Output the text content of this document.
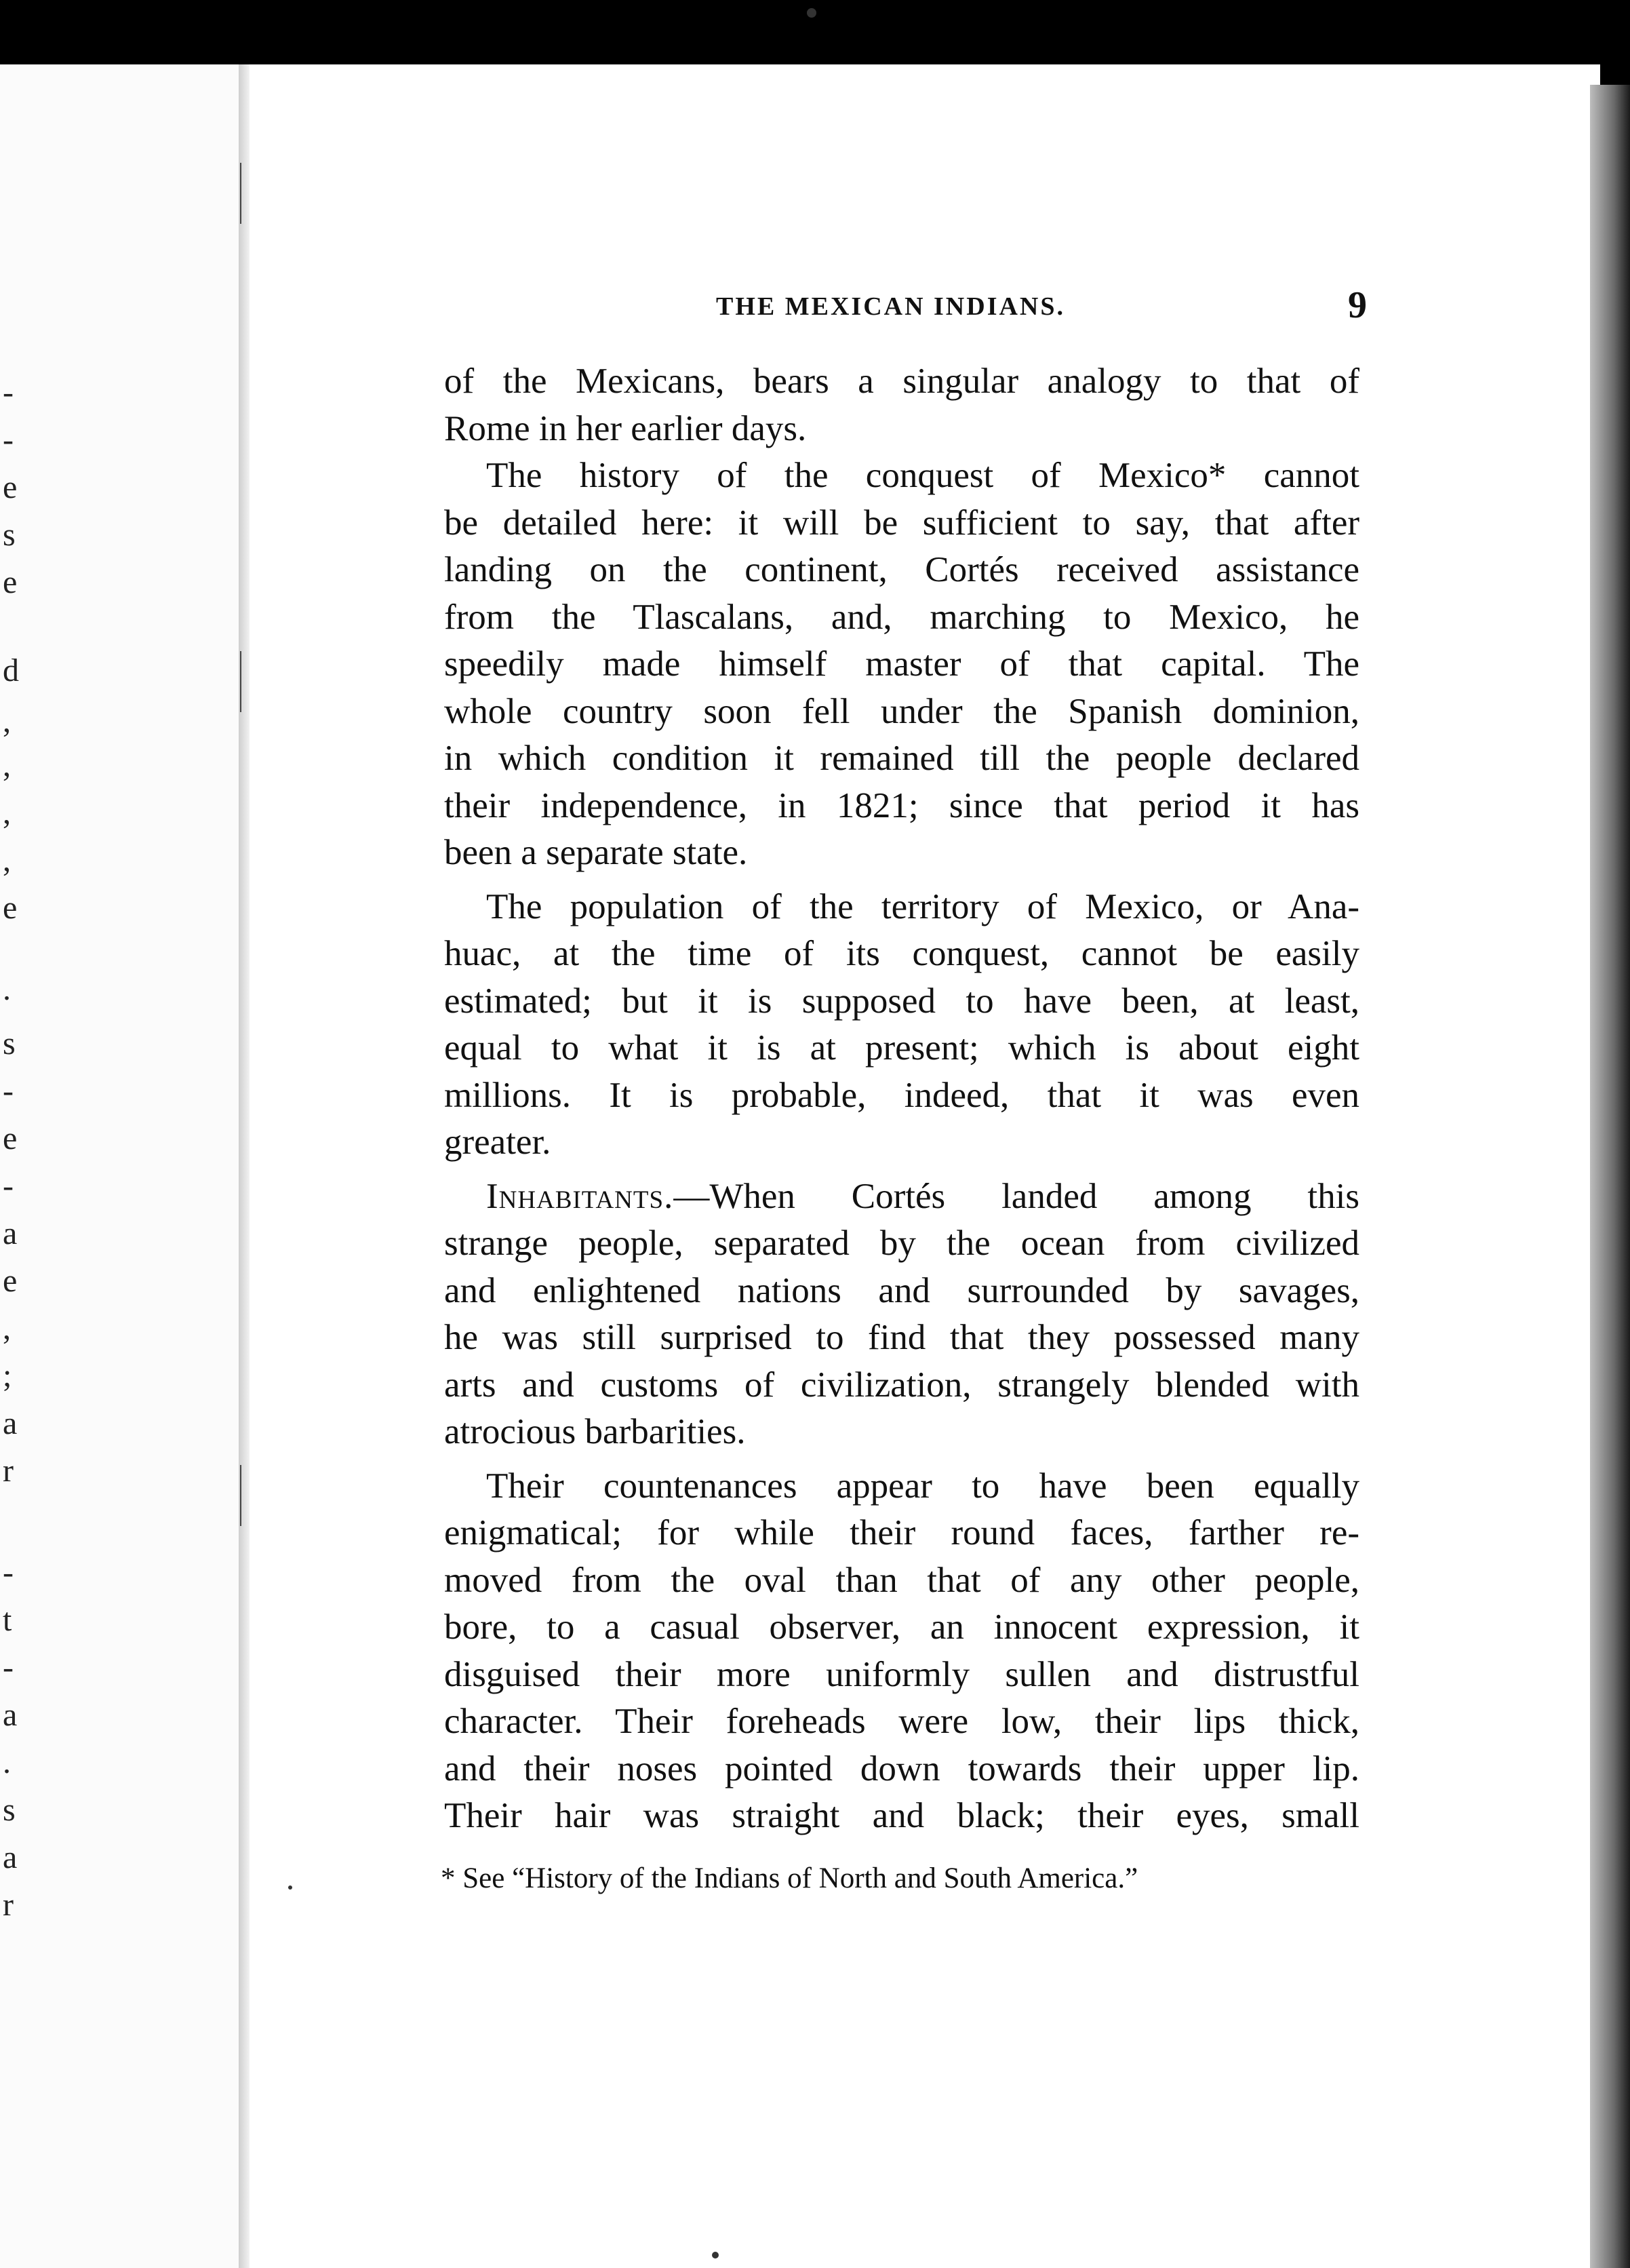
-
-
e
s
e
d
,
,
,
,
e
.
s
-
e
-
a
e
,
;
a
r
-
t
-
a
.
s
a
r
THE MEXICAN INDIANS.	9
of the Mexicans, bears a singular analogy to that of
Rome in her earlier days.
The history of the conquest of Mexico* cannot
be detailed here: it will be sufficient to say, that after
landing on the continent, Cortés received assistance
from the Tlascalans, and, marching to Mexico, he
speedily made himself master of that capital. The
whole country soon fell under the Spanish dominion,
in which condition it remained till the people declared
their independence, in 1821; since that period it has
been a separate state.
The population of the territory of Mexico, or Ana-
huac, at the time of its conquest, cannot be easily
estimated; but it is supposed to have been, at least,
equal to what it is at present; which is about eight
millions. It is probable, indeed, that it was even
greater.
Inhabitants.—When Cortés landed among this
strange people, separated by the ocean from civilized
and enlightened nations and surrounded by savages,
he was still surprised to find that they possessed many
arts and customs of civilization, strangely blended with
atrocious barbarities.
Their countenances appear to have been equally
enigmatical; for while their round faces, farther re-
moved from the oval than that of any other people,
bore, to a casual observer, an innocent expression, it
disguised their more uniformly sullen and distrustful
character. Their foreheads were low, their lips thick,
and their noses pointed down towards their upper lip.
Their hair was straight and black; their eyes, small
* See “History of the Indians of North and South America.”
